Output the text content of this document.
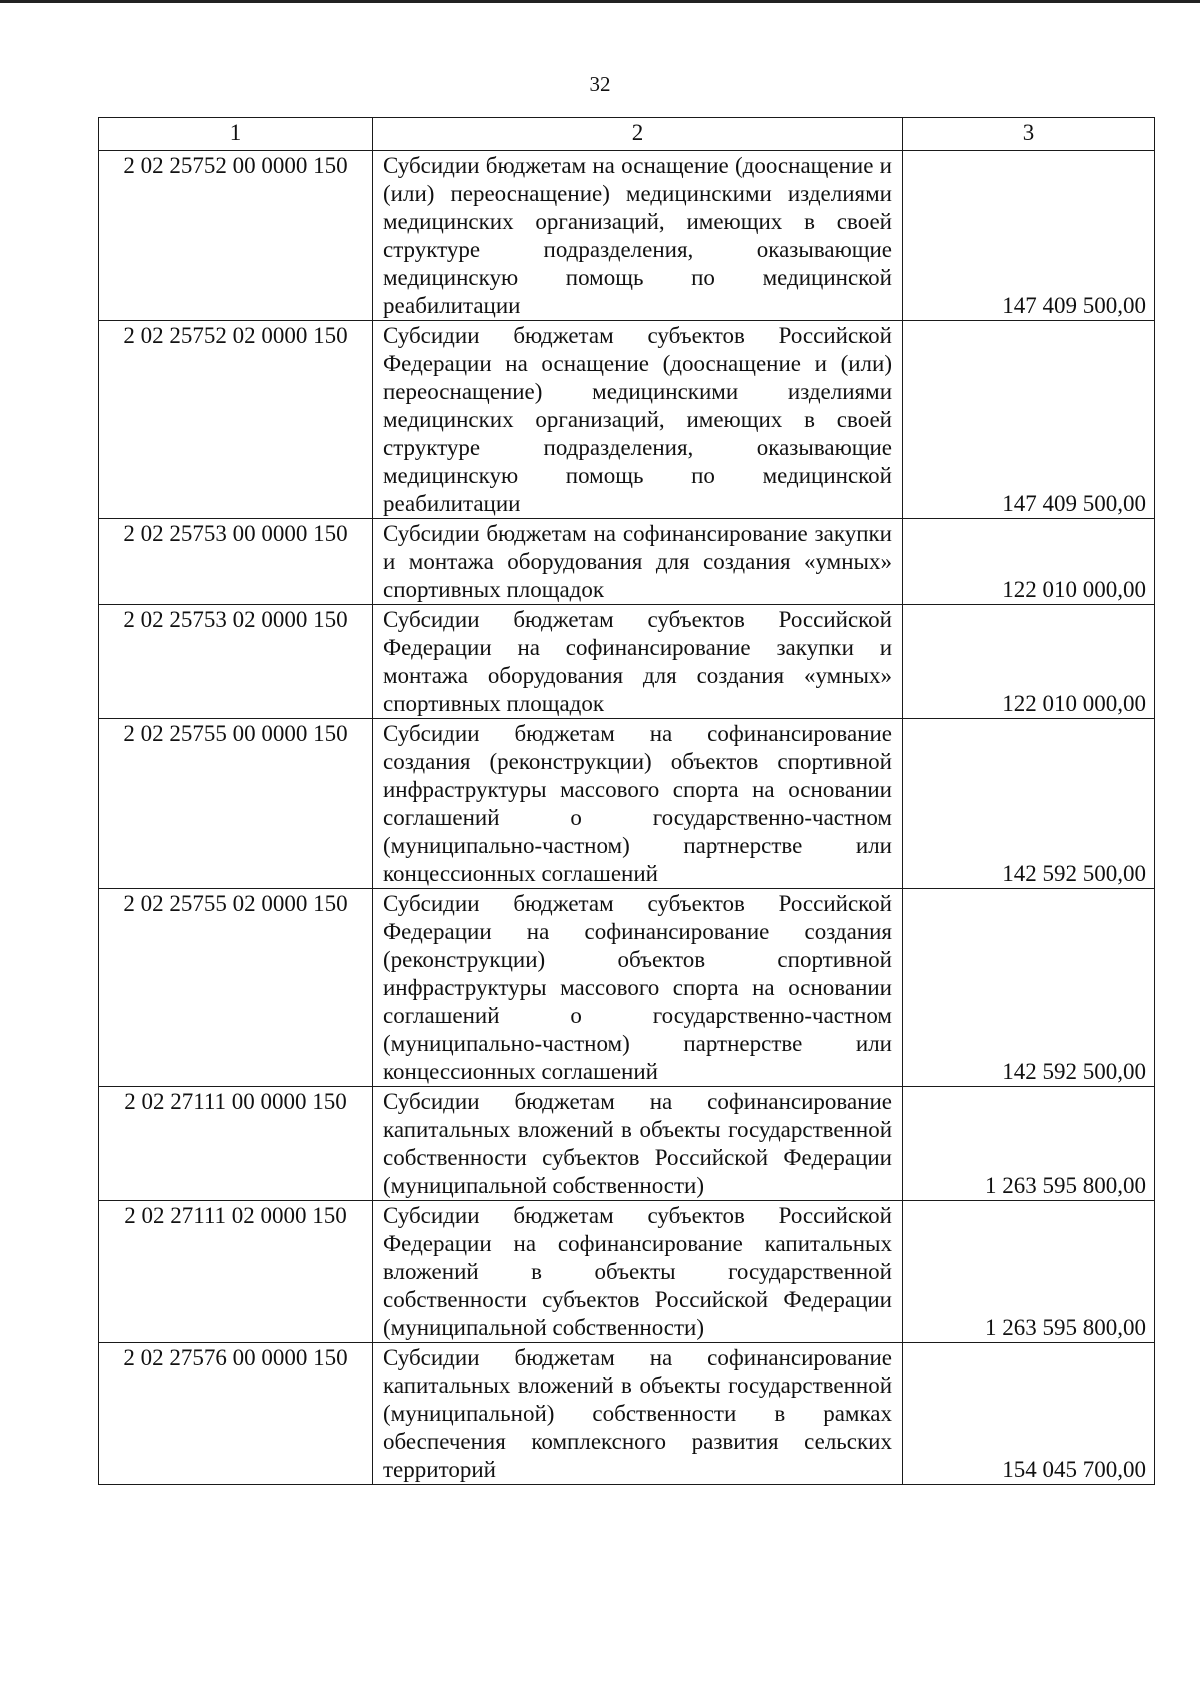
32
1	2	3
2 02 25752 00 0000 150	Субсидии бюджетам на оснащение (дооснащение и (или) переоснащение) медицинскими изделиями медицинских организаций, имеющих в своей структуре подразделения, оказывающие медицинскую помощь по медицинской реабилитации	147 409 500,00
2 02 25752 02 0000 150	Субсидии бюджетам субъектов Российской Федерации на оснащение (дооснащение и (или) переоснащение) медицинскими изделиями медицинских организаций, имеющих в своей структуре подразделения, оказывающие медицинскую помощь по медицинской реабилитации	147 409 500,00
2 02 25753 00 0000 150	Субсидии бюджетам на софинансирование закупки и монтажа оборудования для создания «умных» спортивных площадок	122 010 000,00
2 02 25753 02 0000 150	Субсидии бюджетам субъектов Российской Федерации на софинансирование закупки и монтажа оборудования для создания «умных» спортивных площадок	122 010 000,00
2 02 25755 00 0000 150	Субсидии бюджетам на софинансирование создания (реконструкции) объектов спортивной инфраструктуры массового спорта на основании соглашений о государственно-частном (муниципально-частном) партнерстве или концессионных соглашений	142 592 500,00
2 02 25755 02 0000 150	Субсидии бюджетам субъектов Российской Федерации на софинансирование создания (реконструкции) объектов спортивной инфраструктуры массового спорта на основании соглашений о государственно-частном (муниципально-частном) партнерстве или концессионных соглашений	142 592 500,00
2 02 27111 00 0000 150	Субсидии бюджетам на софинансирование капитальных вложений в объекты государственной собственности субъектов Российской Федерации (муниципальной собственности)	1 263 595 800,00
2 02 27111 02 0000 150	Субсидии бюджетам субъектов Российской Федерации на софинансирование капитальных вложений в объекты государственной собственности субъектов Российской Федерации (муниципальной собственности)	1 263 595 800,00
2 02 27576 00 0000 150	Субсидии бюджетам на софинансирование капитальных вложений в объекты государственной (муниципальной) собственности в рамках обеспечения комплексного развития сельских территорий	154 045 700,00
